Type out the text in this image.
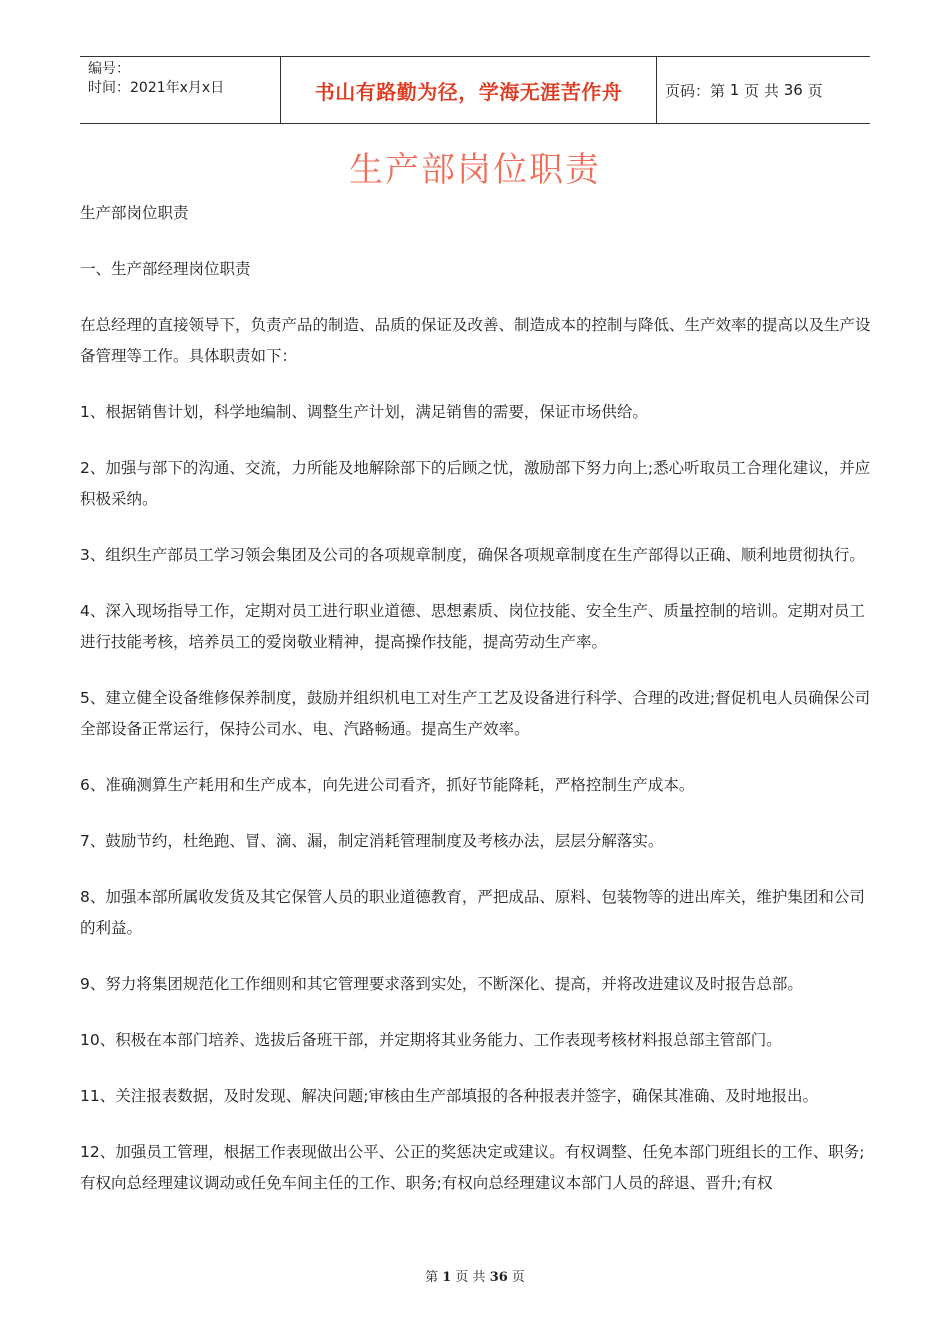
编号：
时间：2021年x月x日	书山有路勤为径，学海无涯苦作舟	页码：第
1
页 共
36
页
生产部岗位职责

生产部岗位职责

一、生产部经理岗位职责

在总经理的直接领导下，负责产品的制造、品质的保证及改善、制造成本的控制与降低、生产效率的提高以及生产设备管理等工作。具体职责如下：

1、根据销售计划，科学地编制、调整生产计划，满足销售的需要，保证市场供给。

2、加强与部下的沟通、交流，力所能及地解除部下的后顾之忧，激励部下努力向上;悉心听取员工合理化建议，并应积极采纳。

3、组织生产部员工学习领会集团及公司的各项规章制度，确保各项规章制度在生产部得以正确、顺利地贯彻执行。

4、深入现场指导工作，定期对员工进行职业道德、思想素质、岗位技能、安全生产、质量控制的培训。定期对员工进行技能考核，培养员工的爱岗敬业精神，提高操作技能，提高劳动生产率。

5、建立健全设备维修保养制度，鼓励并组织机电工对生产工艺及设备进行科学、合理的改进;督促机电人员确保公司全部设备正常运行，保持公司水、电、汽路畅通。提高生产效率。

6、准确测算生产耗用和生产成本，向先进公司看齐，抓好节能降耗，严格控制生产成本。

7、鼓励节约，杜绝跑、冒、滴、漏，制定消耗管理制度及考核办法，层层分解落实。

8、加强本部所属收发货及其它保管人员的职业道德教育，严把成品、原料、包装物等的进出库关，维护集团和公司的利益。

9、努力将集团规范化工作细则和其它管理要求落到实处，不断深化、提高，并将改进建议及时报告总部。

10、积极在本部门培养、选拔后备班干部，并定期将其业务能力、工作表现考核材料报总部主管部门。

11、关注报表数据，及时发现、解决问题;审核由生产部填报的各种报表并签字，确保其准确、及时地报出。

12、加强员工管理，根据工作表现做出公平、公正的奖惩决定或建议。有权调整、任免本部门班组长的工作、职务;有权向总经理建议调动或任免车间主任的工作、职务;有权向总经理建议本部门人员的辞退、晋升;有权

第 1 页 共 36 页
